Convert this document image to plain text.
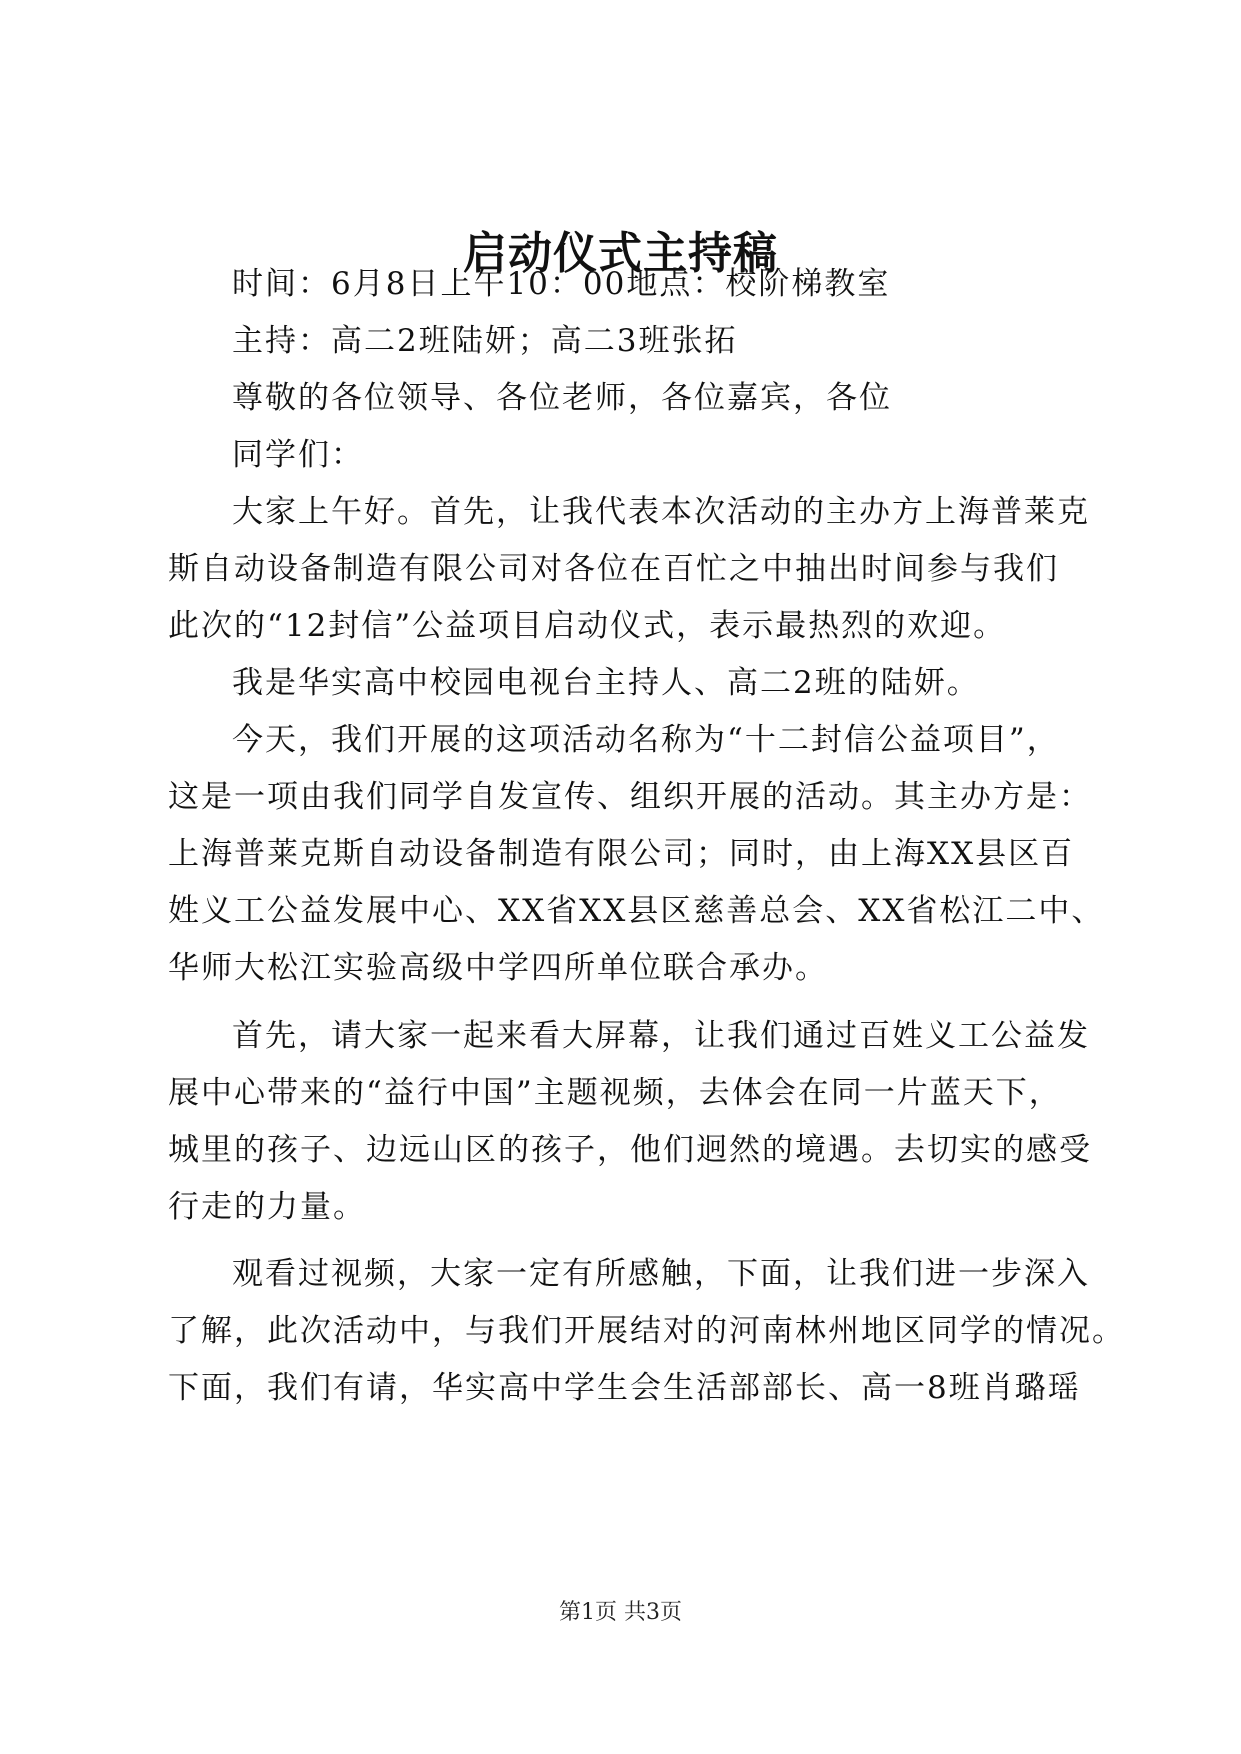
启动仪式主持稿
时间：6月8日上午10：00地点：校阶梯教室
主持：高二2班陆妍；高二3班张拓
尊敬的各位领导、各位老师，各位嘉宾，各位
同学们：
大家上午好。首先，让我代表本次活动的主办方上海普莱克
斯自动设备制造有限公司对各位在百忙之中抽出时间参与我们
此次的“12封信”公益项目启动仪式，表示最热烈的欢迎。
我是华实高中校园电视台主持人、高二2班的陆妍。
今天，我们开展的这项活动名称为“十二封信公益项目”，
这是一项由我们同学自发宣传、组织开展的活动。其主办方是：
上海普莱克斯自动设备制造有限公司；同时，由上海XX县区百
姓义工公益发展中心、XX省XX县区慈善总会、XX省松江二中、
华师大松江实验高级中学四所单位联合承办。
首先，请大家一起来看大屏幕，让我们通过百姓义工公益发
展中心带来的“益行中国”主题视频，去体会在同一片蓝天下，
城里的孩子、边远山区的孩子，他们迥然的境遇。去切实的感受
行走的力量。
观看过视频，大家一定有所感触，下面，让我们进一步深入
了解，此次活动中，与我们开展结对的河南林州地区同学的情况。
下面，我们有请，华实高中学生会生活部部长、高一8班肖璐瑶
第1页 共3页
